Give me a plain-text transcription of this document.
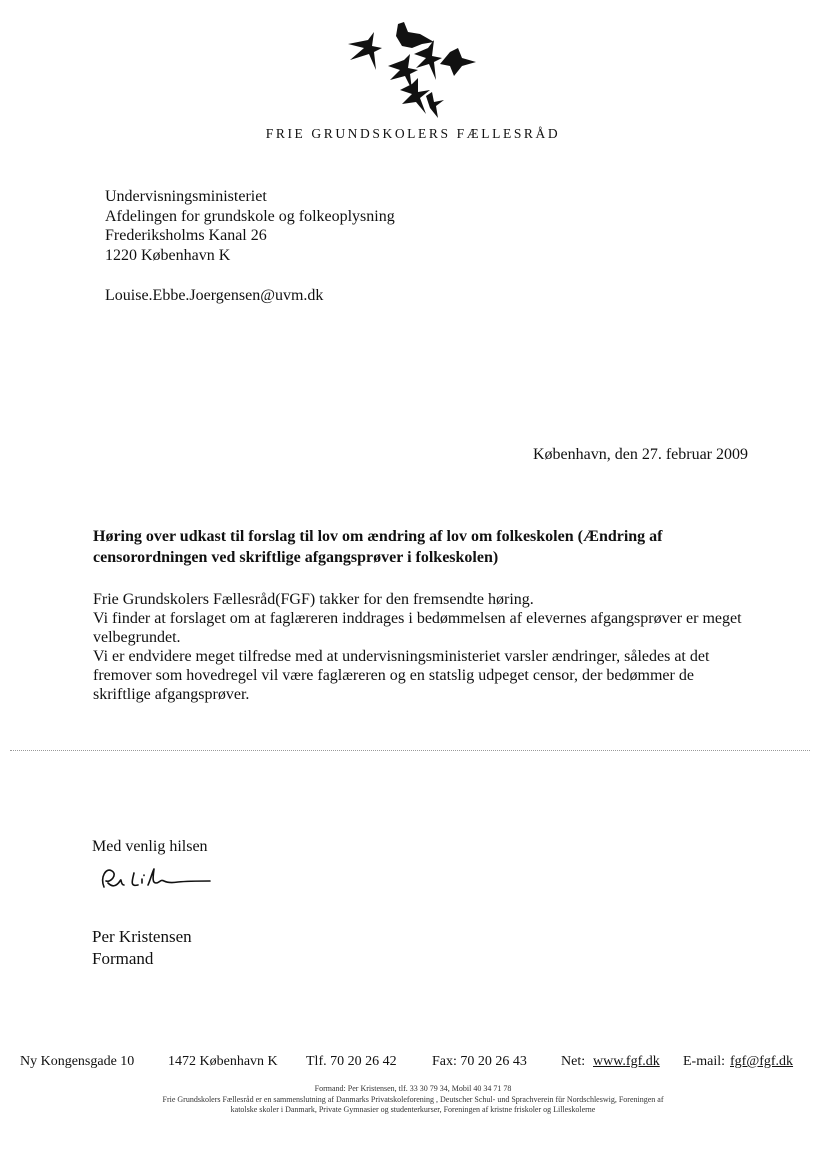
FRIE GRUNDSKOLERS FÆLLESRÅD
Undervisningsministeriet
Afdelingen for grundskole og folkeoplysning
Frederiksholms Kanal 26
1220 København K
Louise.Ebbe.Joergensen@uvm.dk
København, den 27. februar 2009
Høring over udkast til forslag til lov om ændring af lov om folkeskolen (Ændring af censorordningen ved skriftlige afgangsprøver i folkeskolen)

Frie Grundskolers Fællesråd(FGF) takker for den fremsendte høring.

Vi finder at forslaget om at faglæreren inddrages i bedømmelsen af elevernes afgangsprøver er meget velbegrundet.

Vi er endvidere meget tilfredse med at undervisningsministeriet varsler ændringer, således at det fremover som hovedregel vil være faglæreren og en statslig udpeget censor, der bedømmer de skriftlige afgangsprøver.

Med venlig hilsen
Per Kristensen
Formand
Ny Kongensgade 10 1472 København K Tlf. 70 20 26 42	Fax: 70 20 26 43 Net: www.fgf.dk E-mail: fgf@fgf.dk
Formand: Per Kristensen, tlf. 33 30 79 34, Mobil 40 34 71 78
Frie Grundskolers Fællesråd er en sammenslutning af Danmarks Privatskoleforening , Deutscher Schul- und Sprachverein für Nordschleswig, Foreningen af
katolske skoler i Danmark, Private Gymnasier og studenterkurser, Foreningen af kristne friskoler og Lilleskolerne
